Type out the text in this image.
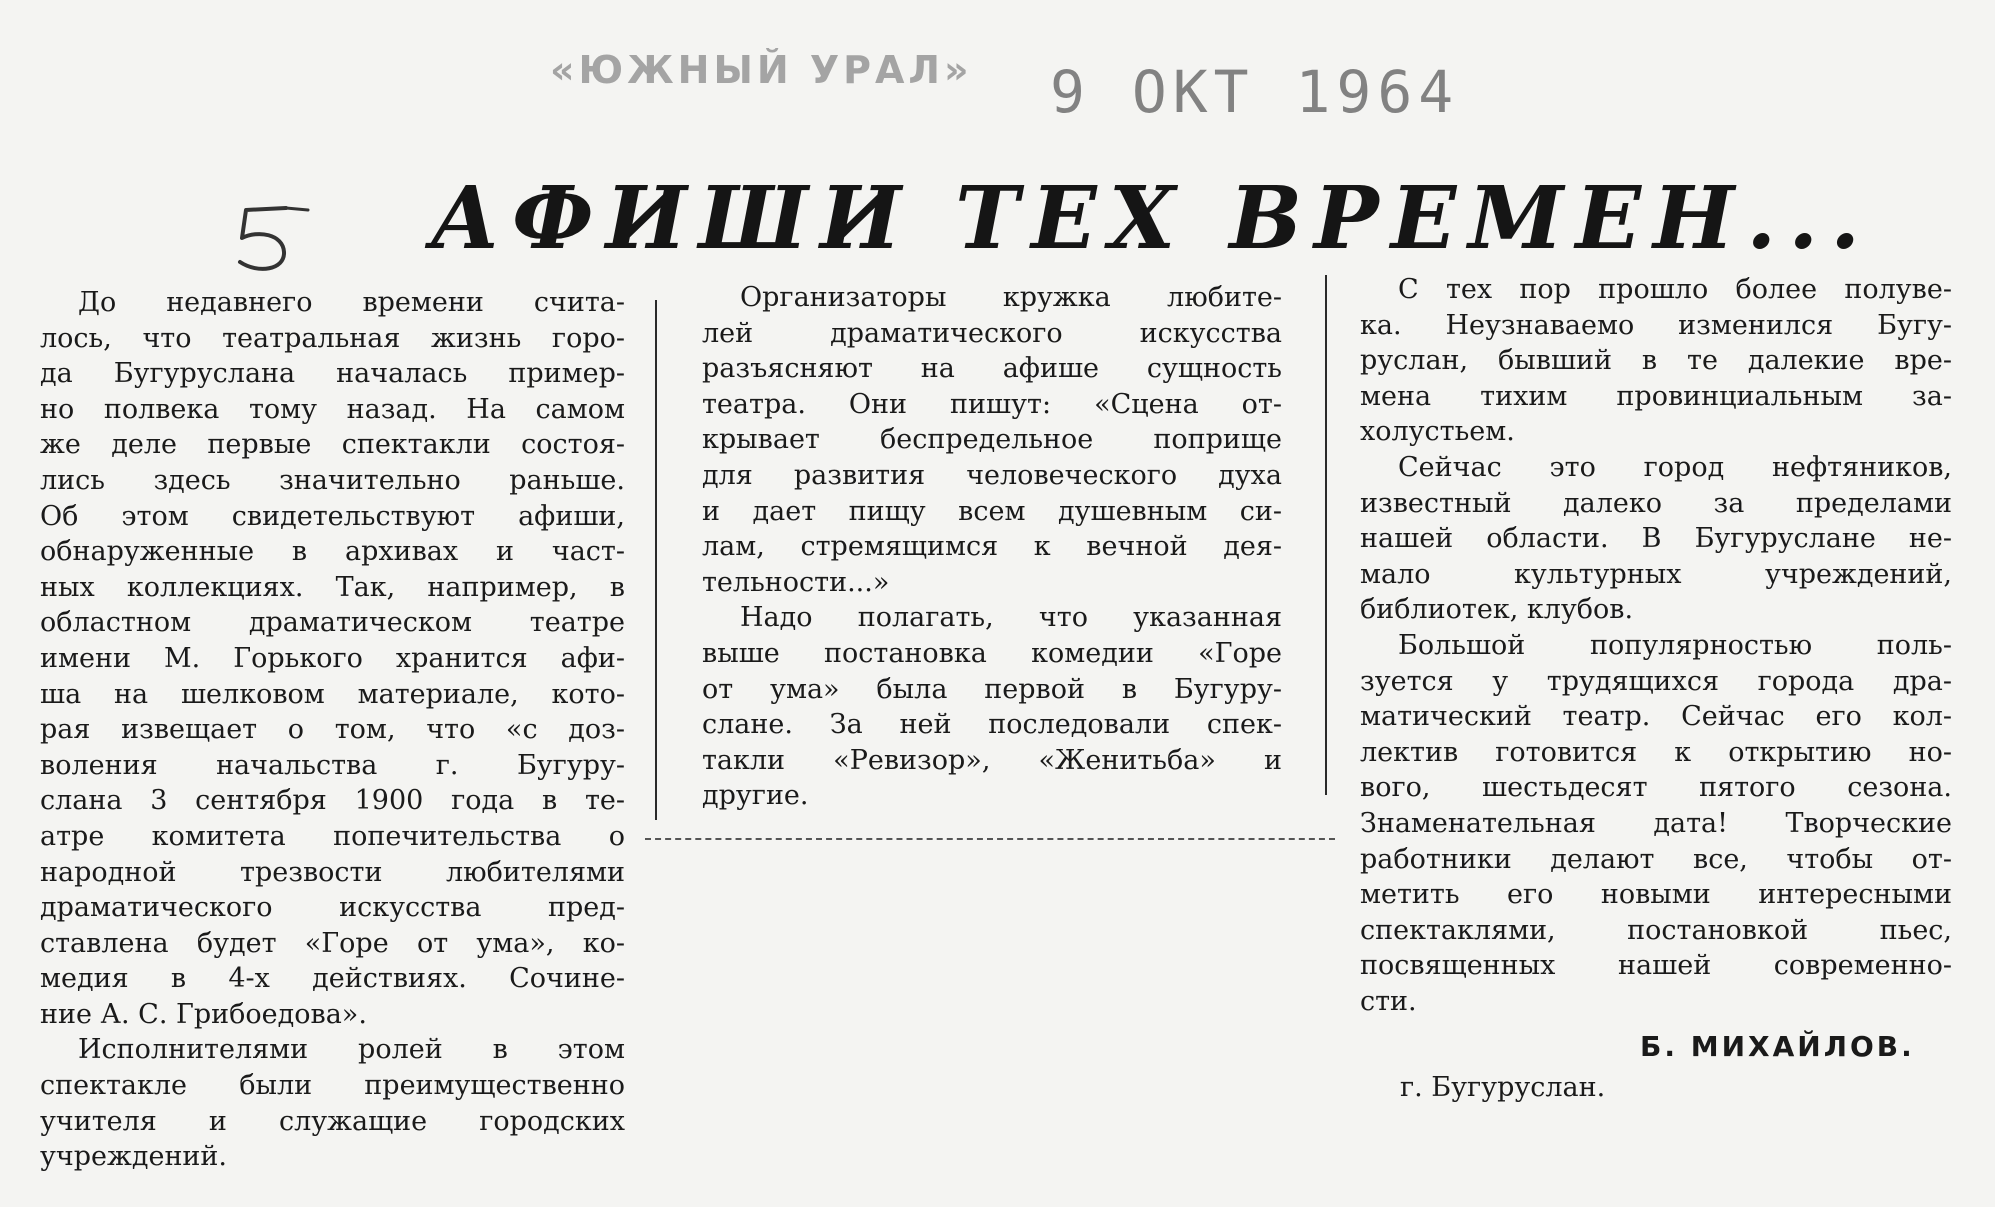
«ЮЖНЫЙ УРАЛ» 9 ОКТ 1964
АФИШИ ТЕХ ВРЕМЕН...

До недавнего времени счита-

лось, что театральная жизнь горо-

да Бугуруслана началась пример-

но полвека тому назад. На самом

же деле первые спектакли состоя-

лись здесь значительно раньше.

Об этом свидетельствуют афиши,

обнаруженные в архивах и част-

ных коллекциях. Так, например, в

областном драматическом театре

имени М. Горького хранится афи-

ша на шелковом материале, кото-

рая извещает о том, что «с доз-

воления начальства г. Бугуру-

слана 3 сентября 1900 года в те-

атре комитета попечительства о

народной трезвости любителями

драматического искусства пред-

ставлена будет «Горе от ума», ко-

медия в 4-х действиях. Сочине-

ние А. С. Грибоедова».

Исполнителями ролей в этом

спектакле были преимущественно

учителя и служащие городских

учреждений.

Организаторы кружка любите-

лей драматического искусства

разъясняют на афише сущность

театра. Они пишут: «Сцена от-

крывает беспредельное поприще

для развития человеческого духа

и дает пищу всем душевным си-

лам, стремящимся к вечной дея-

тельности...»

Надо полагать, что указанная

выше постановка комедии «Горе

от ума» была первой в Бугуру-

слане. За ней последовали спек-

такли «Ревизор», «Женитьба» и

другие.

С тех пор прошло более полуве-

ка. Неузнаваемо изменился Бугу-

руслан, бывший в те далекие вре-

мена тихим провинциальным за-

холустьем.

Сейчас это город нефтяников,

известный далеко за пределами

нашей области. В Бугуруслане не-

мало культурных учреждений,

библиотек, клубов.

Большой популярностью поль-

зуется у трудящихся города дра-

матический театр. Сейчас его кол-

лектив готовится к открытию но-

вого, шестьдесят пятого сезона.

Знаменательная дата! Творческие

работники делают все, чтобы от-

метить его новыми интересными

спектаклями, постановкой пьес,

посвященных нашей современно-

сти.

Б. МИХАЙЛОВ.
г. Бугуруслан.
